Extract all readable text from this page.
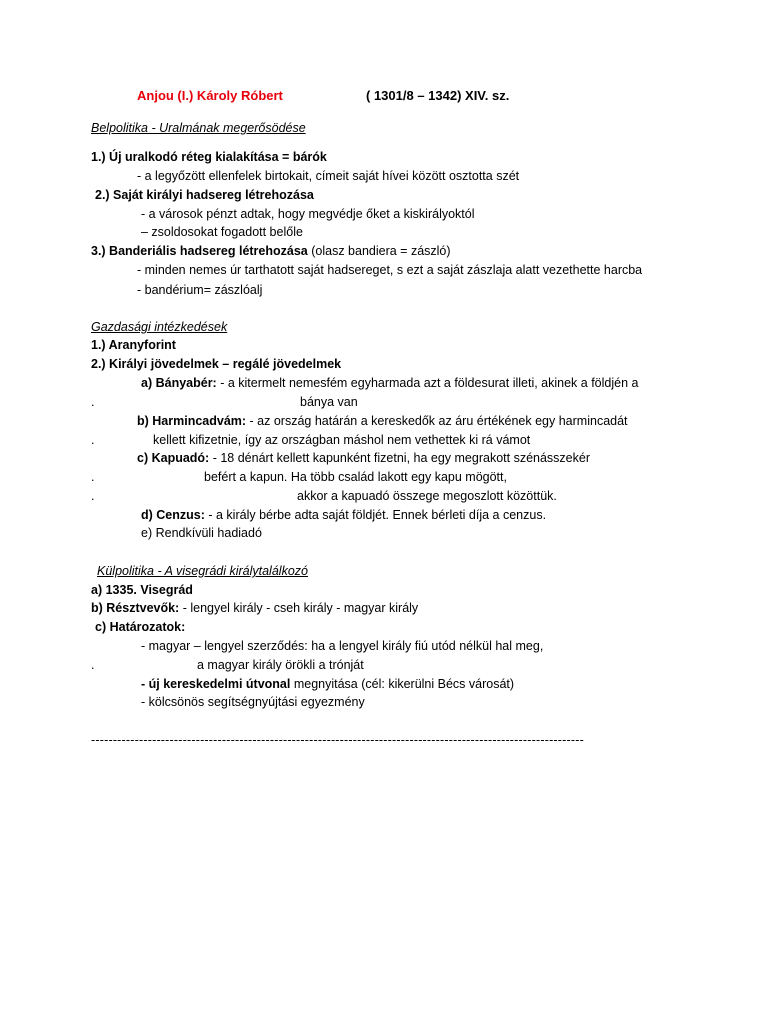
Anjou (I.) Károly Róbert	( 1301/8 – 1342) XIV. sz.
Belpolitika - Uralmának megerősödése
1.) Új uralkodó réteg kialakítása = bárók
- a legyőzött ellenfelek birtokait, címeit saját hívei között osztotta szét
2.) Saját királyi hadsereg létrehozása
- a városok pénzt adtak, hogy megvédje őket a kiskirályoktól
– zsoldosokat fogadott belőle
3.) Banderiális hadsereg létrehozása (olasz bandiera = zászló)
- minden nemes úr tarthatott saját hadsereget, s ezt a saját zászlaja alatt vezethette harcba
- bandérium= zászlóalj
Gazdasági intézkedések
1.) Aranyforint
2.) Királyi jövedelmek – regálé jövedelmek
a) Bányabér: - a kitermelt nemesfém egyharmada azt a földesurat illeti, akinek a földjén a
.	bánya van
b) Harmincadvám: - az ország határán a kereskedők az áru értékének egy harmincadát
.	kellett kifizetnie, így az országban máshol nem vethettek ki rá vámot
c) Kapuadó: - 18 dénárt kellett kapunként fizetni, ha egy megrakott szénásszekér
.	befért a kapun. Ha több család lakott egy kapu mögött,
.	akkor a kapuadó összege megoszlott közöttük.
d) Cenzus: - a király bérbe adta saját földjét. Ennek bérleti díja a cenzus.
e) Rendkívüli hadiadó
Külpolitika - A visegrádi királytalálkozó
a) 1335. Visegrád
b) Résztvevők: - lengyel király - cseh király - magyar király
c) Határozatok:
- magyar – lengyel szerződés: ha a lengyel király fiú utód nélkül hal meg,
.	a magyar király örökli a trónját
- új kereskedelmi útvonal megnyitása (cél: kikerülni Bécs városát)
- kölcsönös segítségnyújtási egyezmény
-----------------------------------------------------------------------------------------------------------------
